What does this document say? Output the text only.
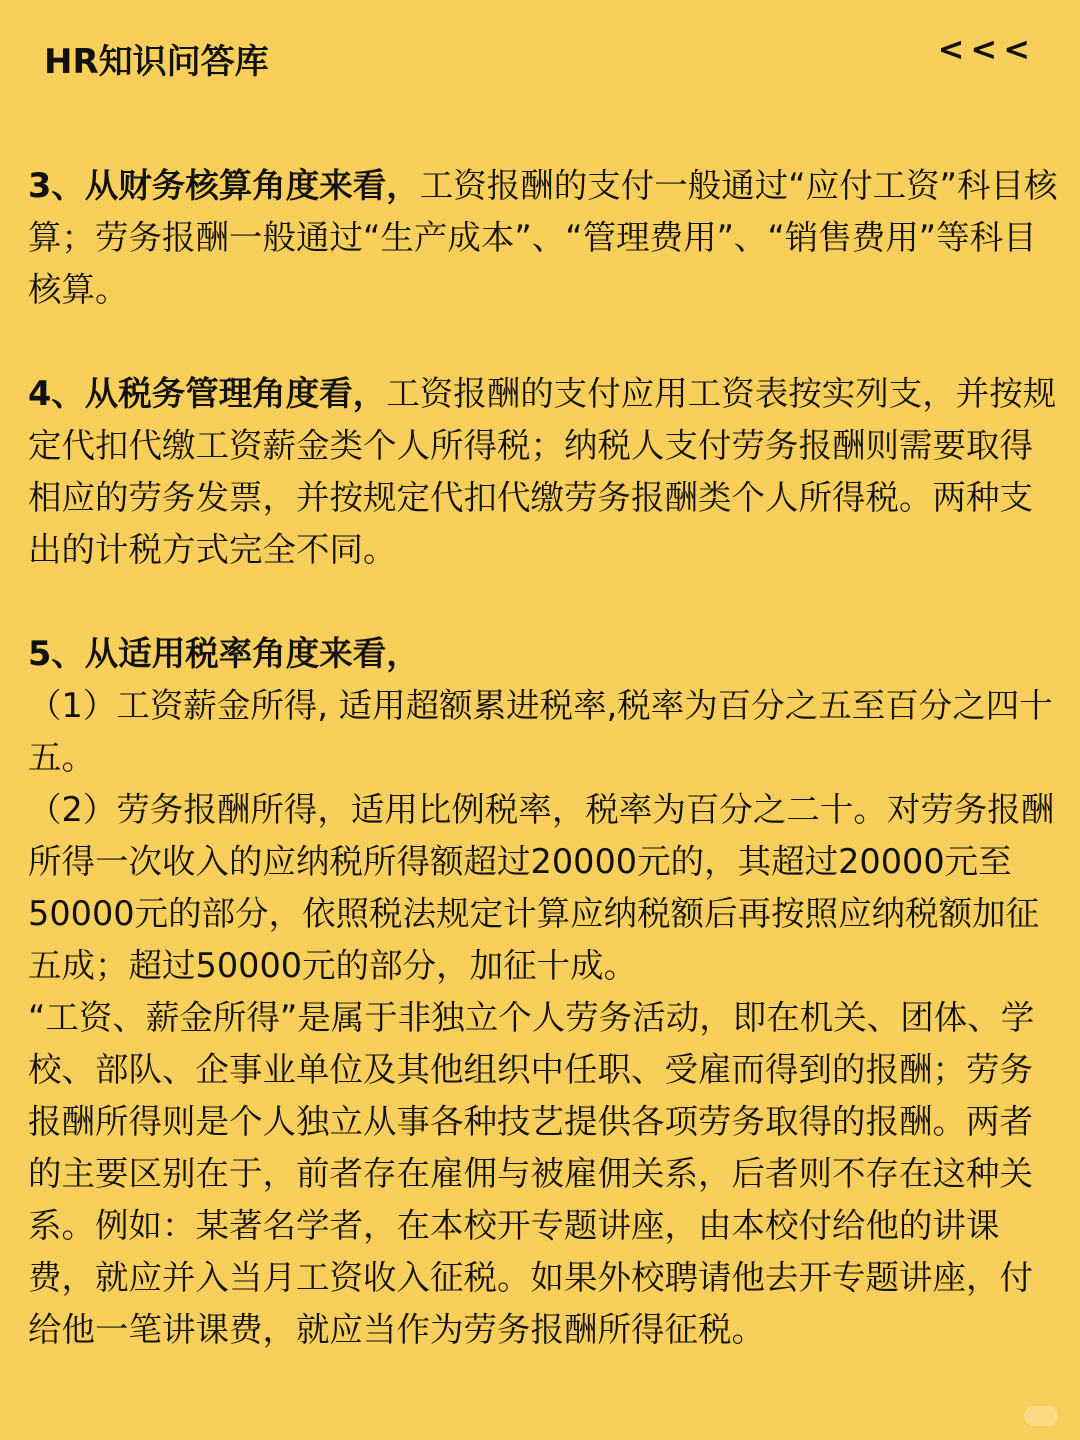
HR知识问答库	<<<

3、从财务核算角度来看，工资报酬的支付一般通过“应付工资”科目核算；劳务报酬一般通过“生产成本”、“管理费用”、“销售费用”等科目核算。

4、从税务管理角度看，工资报酬的支付应用工资表按实列支，并按规定代扣代缴工资薪金类个人所得税；纳税人支付劳务报酬则需要取得相应的劳务发票，并按规定代扣代缴劳务报酬类个人所得税。两种支出的计税方式完全不同。

5、从适用税率角度来看，

（1）工资薪金所得, 适用超额累进税率,税率为百分之五至百分之四十五。

（2）劳务报酬所得，适用比例税率，税率为百分之二十。对劳务报酬所得一次收入的应纳税所得额超过20000元的，其超过20000元至50000元的部分，依照税法规定计算应纳税额后再按照应纳税额加征五成；超过50000元的部分，加征十成。

“工资、薪金所得”是属于非独立个人劳务活动，即在机关、团体、学校、部队、企事业单位及其他组织中任职、受雇而得到的报酬；劳务报酬所得则是个人独立从事各种技艺提供各项劳务取得的报酬。两者的主要区别在于，前者存在雇佣与被雇佣关系，后者则不存在这种关系。例如：某著名学者，在本校开专题讲座，由本校付给他的讲课费，就应并入当月工资收入征税。如果外校聘请他去开专题讲座，付给他一笔讲课费，就应当作为劳务报酬所得征税。
